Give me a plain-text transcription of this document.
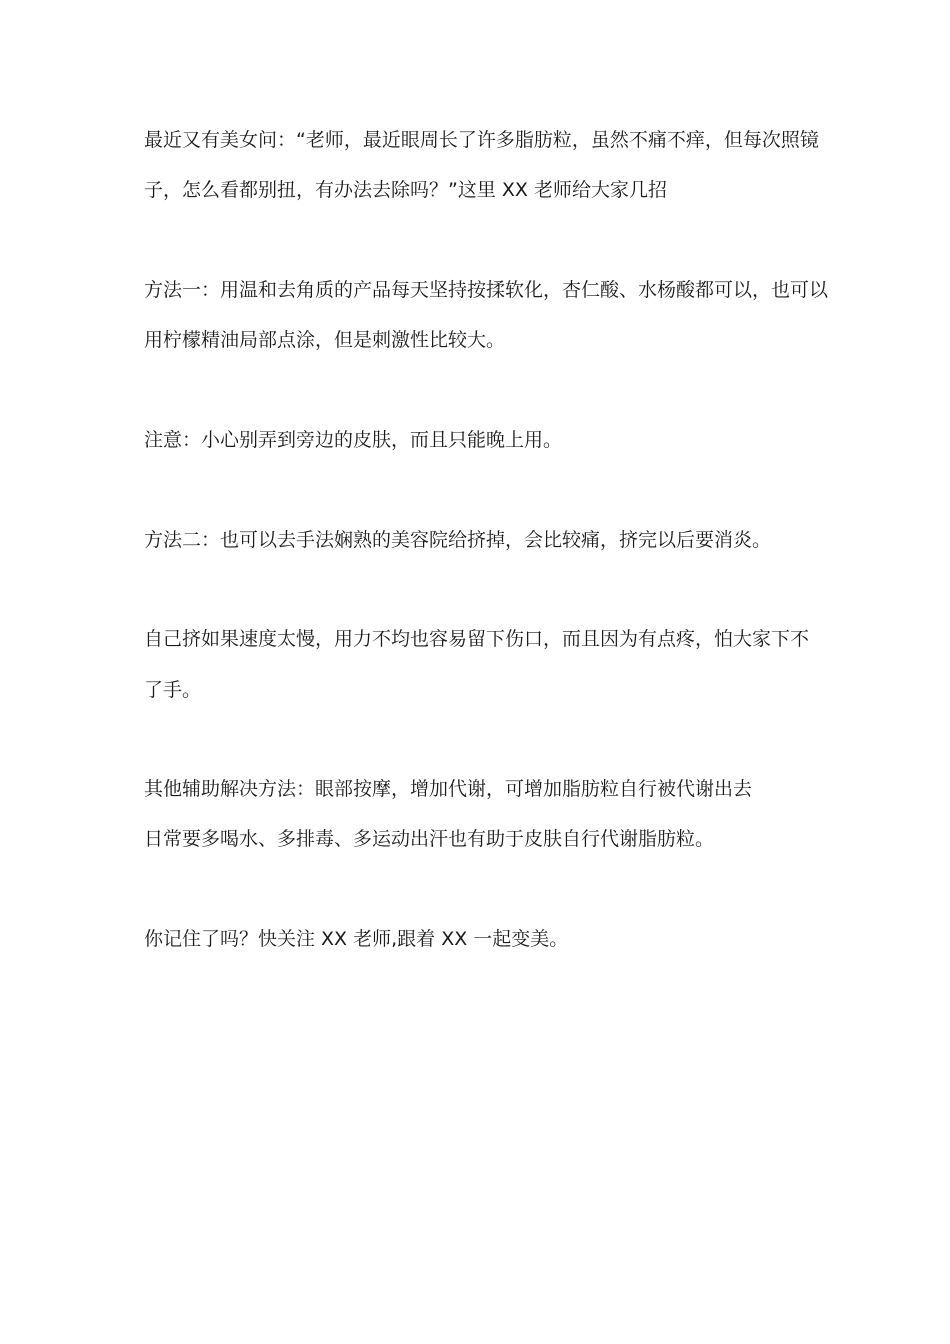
最近又有美女问：“老师，最近眼周长了许多脂肪粒，虽然不痛不痒，但每次照镜
子，怎么看都别扭，有办法去除吗？”这里 XX 老师给大家几招
方法一：用温和去角质的产品每天坚持按揉软化，杏仁酸、水杨酸都可以，也可以
用柠檬精油局部点涂，但是刺激性比较大。
注意：小心别弄到旁边的皮肤，而且只能晚上用。
方法二：也可以去手法娴熟的美容院给挤掉，会比较痛，挤完以后要消炎。
自己挤如果速度太慢，用力不均也容易留下伤口，而且因为有点疼，怕大家下不
了手。
其他辅助解决方法：眼部按摩，增加代谢，可增加脂肪粒自行被代谢出去
日常要多喝水、多排毒、多运动出汗也有助于皮肤自行代谢脂肪粒。
你记住了吗？快关注 XX 老师,跟着 XX 一起变美。
